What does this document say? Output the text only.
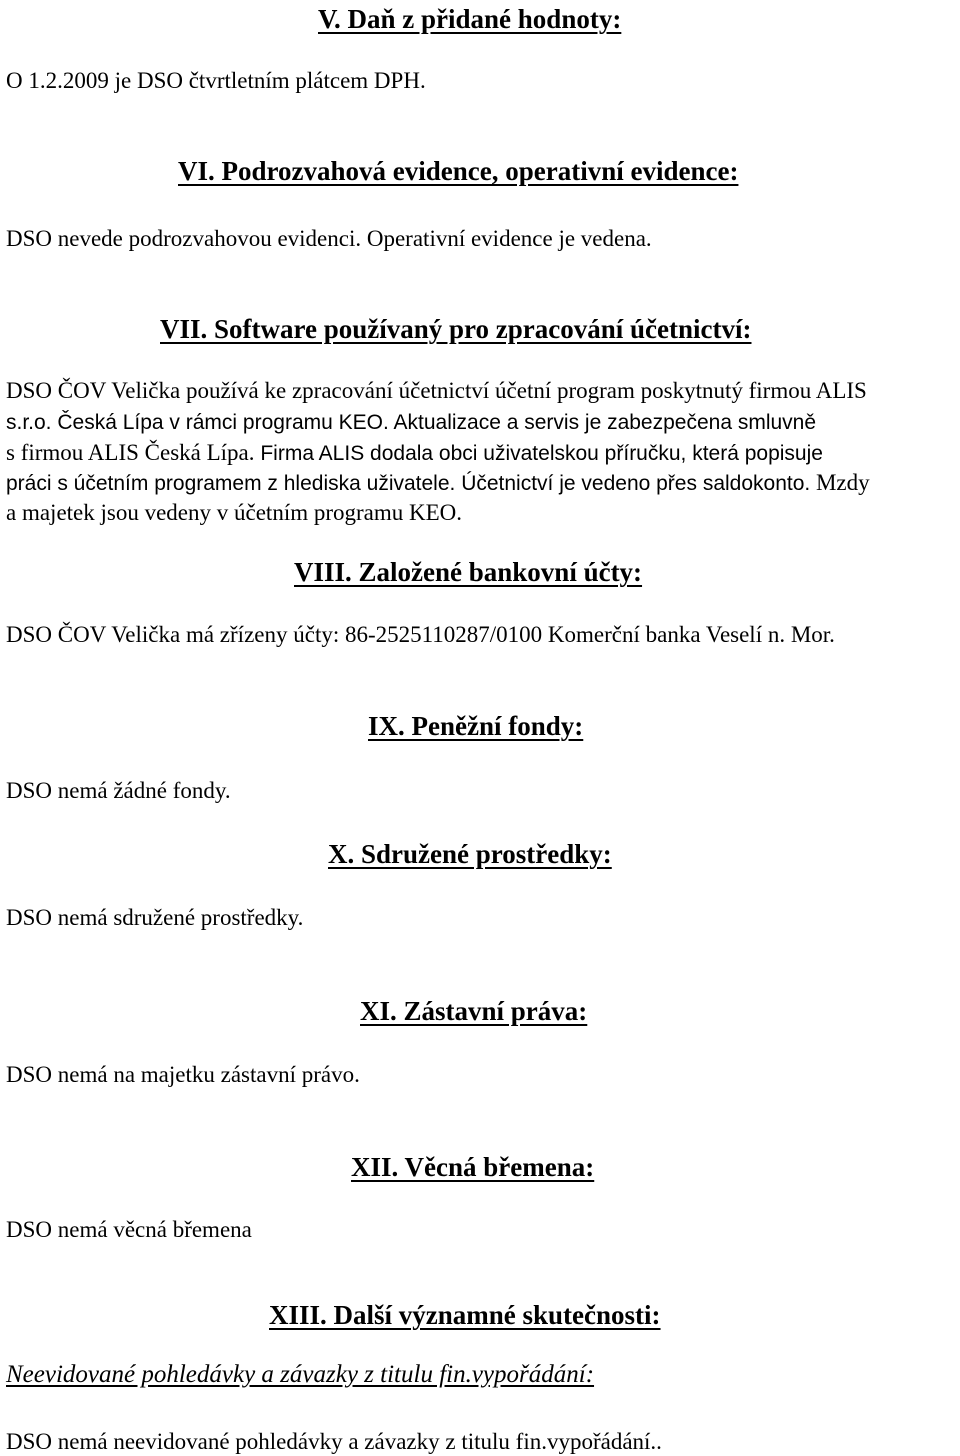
V. Daň z přidané hodnoty:
O 1.2.2009 je DSO čtvrtletním plátcem DPH.
VI. Podrozvahová evidence, operativní evidence:
DSO nevede podrozvahovou evidenci. Operativní evidence je vedena.
VII. Software používaný pro zpracování účetnictví:
DSO ČOV Velička používá ke zpracování účetnictví účetní program poskytnutý firmou ALIS
s.r.o. Česká Lípa v rámci programu KEO. Aktualizace a servis je zabezpečena smluvně
s firmou ALIS Česká Lípa. Firma ALIS dodala obci uživatelskou příručku, která popisuje
práci s účetním programem z hlediska uživatele. Účetnictví je vedeno přes saldokonto. Mzdy
a majetek jsou vedeny v účetním programu KEO.
VIII. Založené bankovní účty:
DSO ČOV Velička má zřízeny účty: 86-2525110287/0100 Komerční banka Veselí n. Mor.
IX. Peněžní fondy:
DSO nemá žádné fondy.
X. Sdružené prostředky:
DSO nemá sdružené prostředky.
XI. Zástavní práva:
DSO nemá na majetku zástavní právo.
XII. Věcná břemena:
DSO nemá věcná břemena
XIII. Další významné skutečnosti:
Neevidované pohledávky a závazky z titulu fin.vypořádání:
DSO nemá neevidované pohledávky a závazky z titulu fin.vypořádání..
